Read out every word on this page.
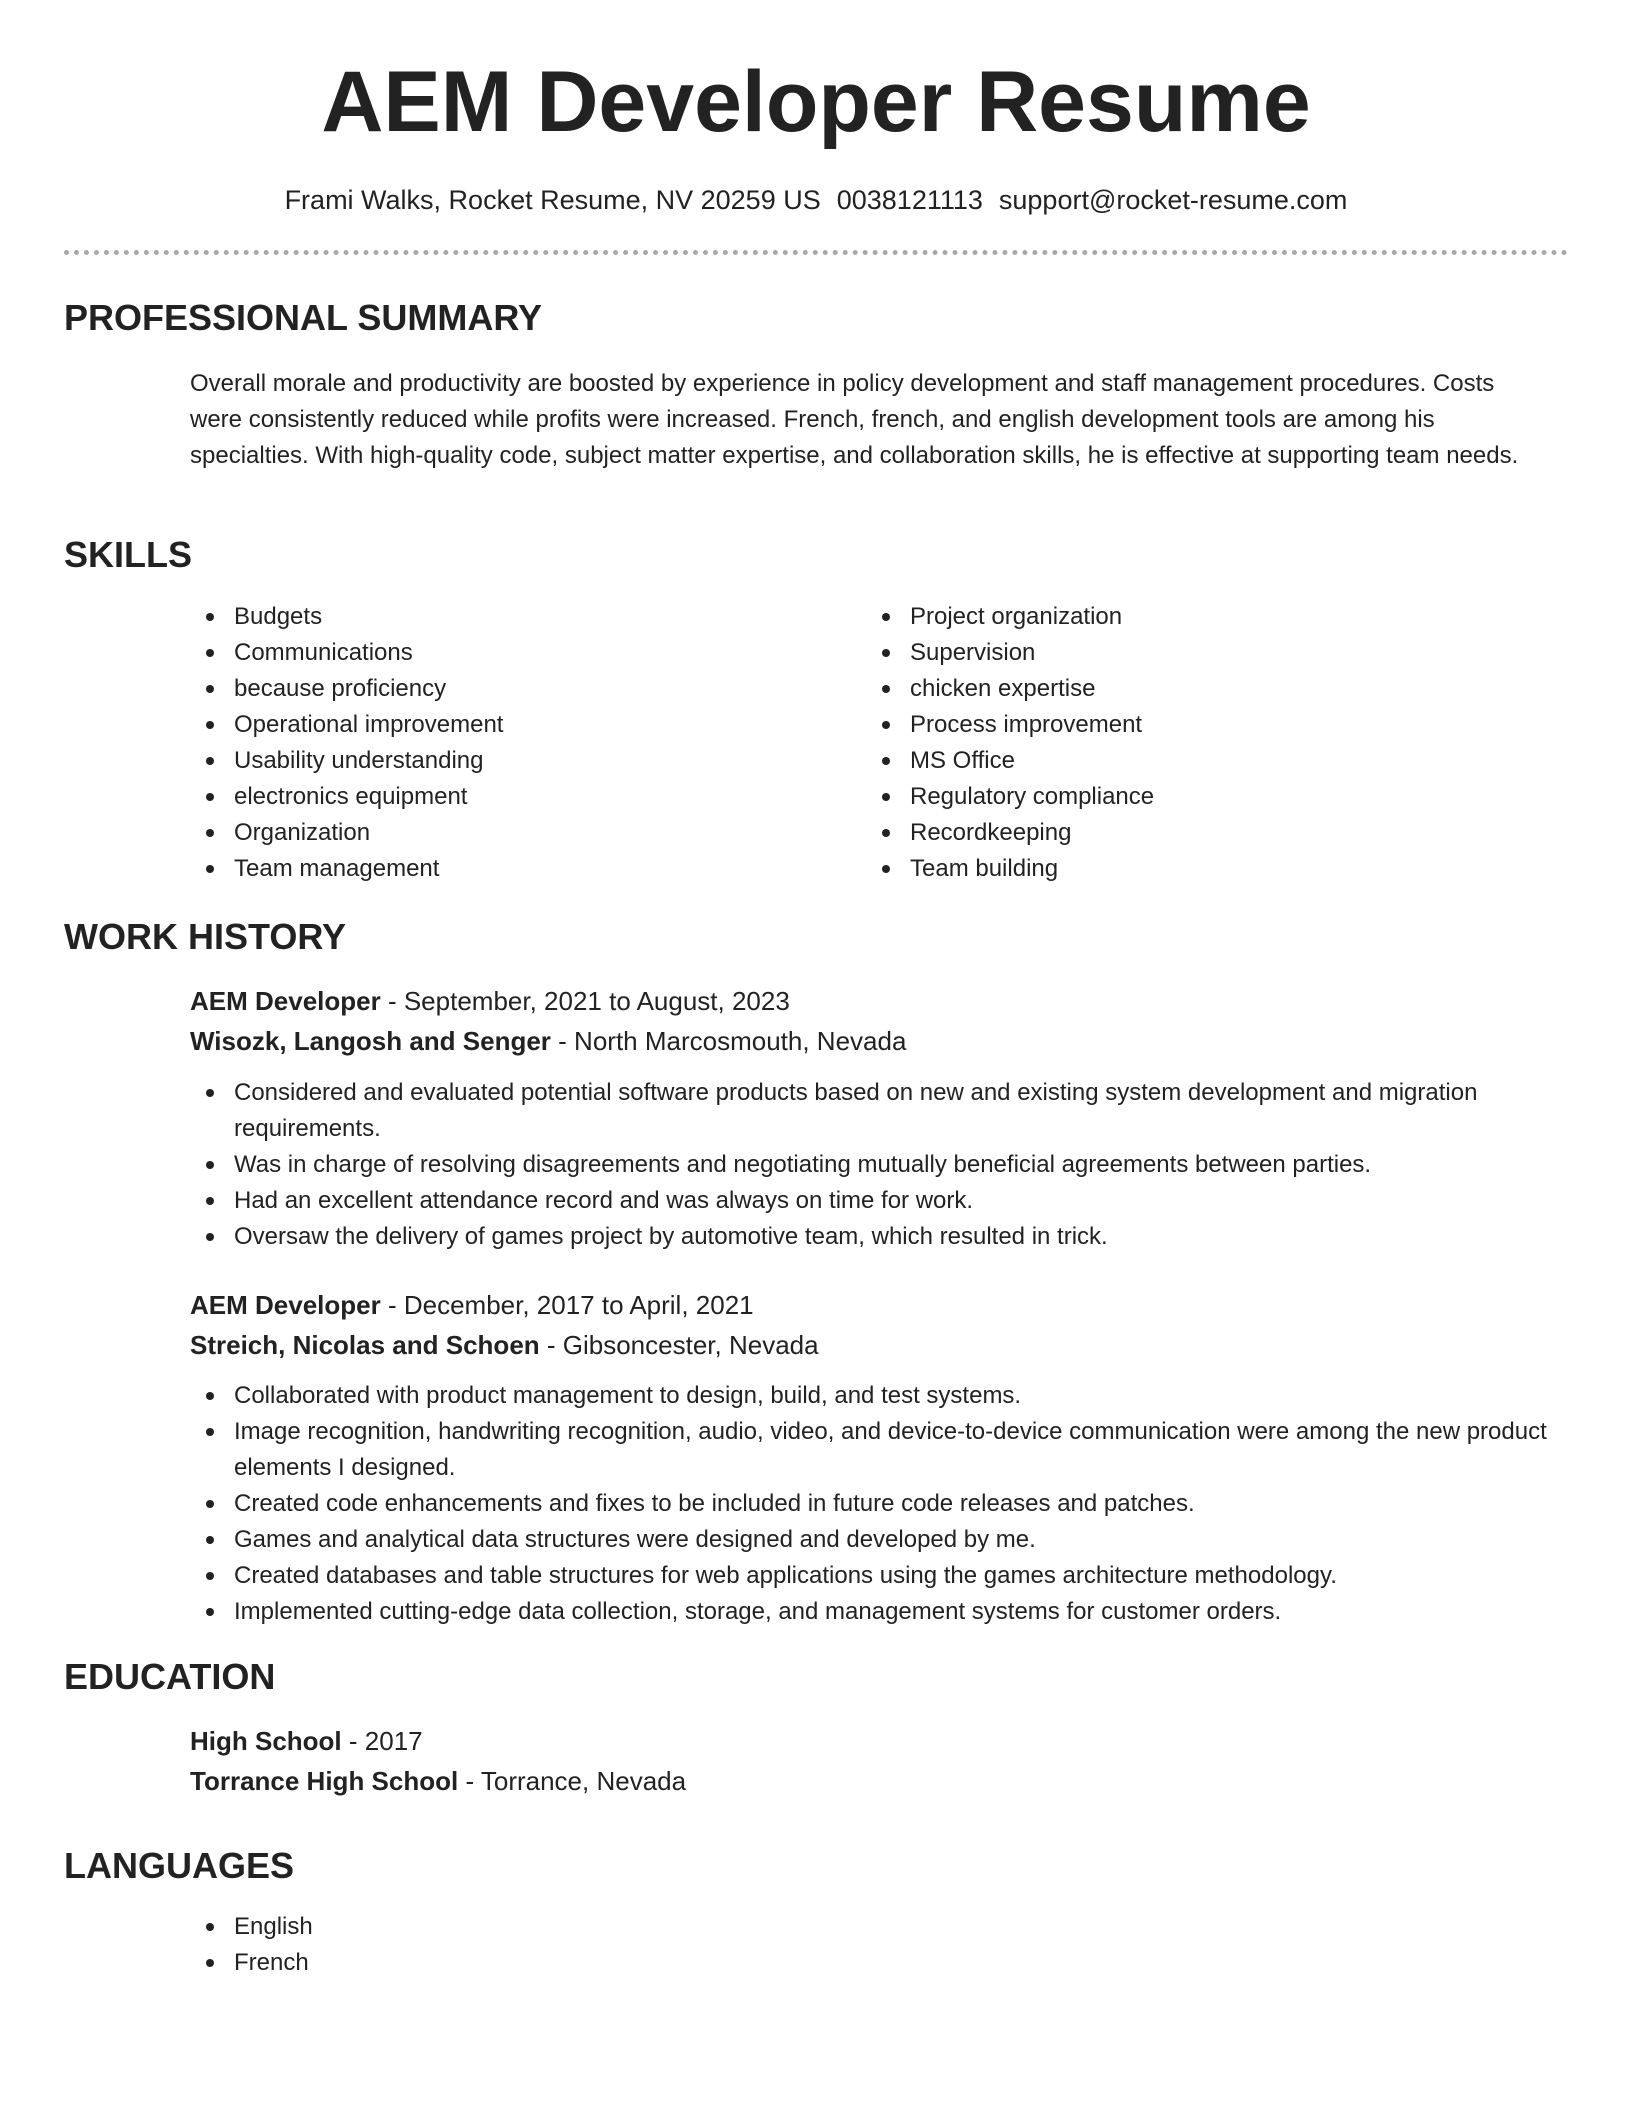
AEM Developer Resume
Frami Walks, Rocket Resume, NV 20259 US 0038121113 support@rocket-resume.com
PROFESSIONAL SUMMARY

Overall morale and productivity are boosted by experience in policy development and staff management procedures. Costs were consistently reduced while profits were increased. French, french, and english development tools are among his specialties. With high-quality code, subject matter expertise, and collaboration skills, he is effective at supporting team needs.

SKILLS
Budgets
Communications
because proficiency
Operational improvement
Usability understanding
electronics equipment
Organization
Team management
Project organization
Supervision
chicken expertise
Process improvement
MS Office
Regulatory compliance
Recordkeeping
Team building
WORK HISTORY

AEM Developer - September, 2021 to August, 2023

Wisozk, Langosh and Senger - North Marcosmouth, Nevada

Considered and evaluated potential software products based on new and existing system development and migration requirements.
Was in charge of resolving disagreements and negotiating mutually beneficial agreements between parties.
Had an excellent attendance record and was always on time for work.
Oversaw the delivery of games project by automotive team, which resulted in trick.

AEM Developer - December, 2017 to April, 2021

Streich, Nicolas and Schoen - Gibsoncester, Nevada

Collaborated with product management to design, build, and test systems.
Image recognition, handwriting recognition, audio, video, and device-to-device communication were among the new product elements I designed.
Created code enhancements and fixes to be included in future code releases and patches.
Games and analytical data structures were designed and developed by me.
Created databases and table structures for web applications using the games architecture methodology.
Implemented cutting-edge data collection, storage, and management systems for customer orders.
EDUCATION

High School - 2017

Torrance High School - Torrance, Nevada

LANGUAGES
English
French
